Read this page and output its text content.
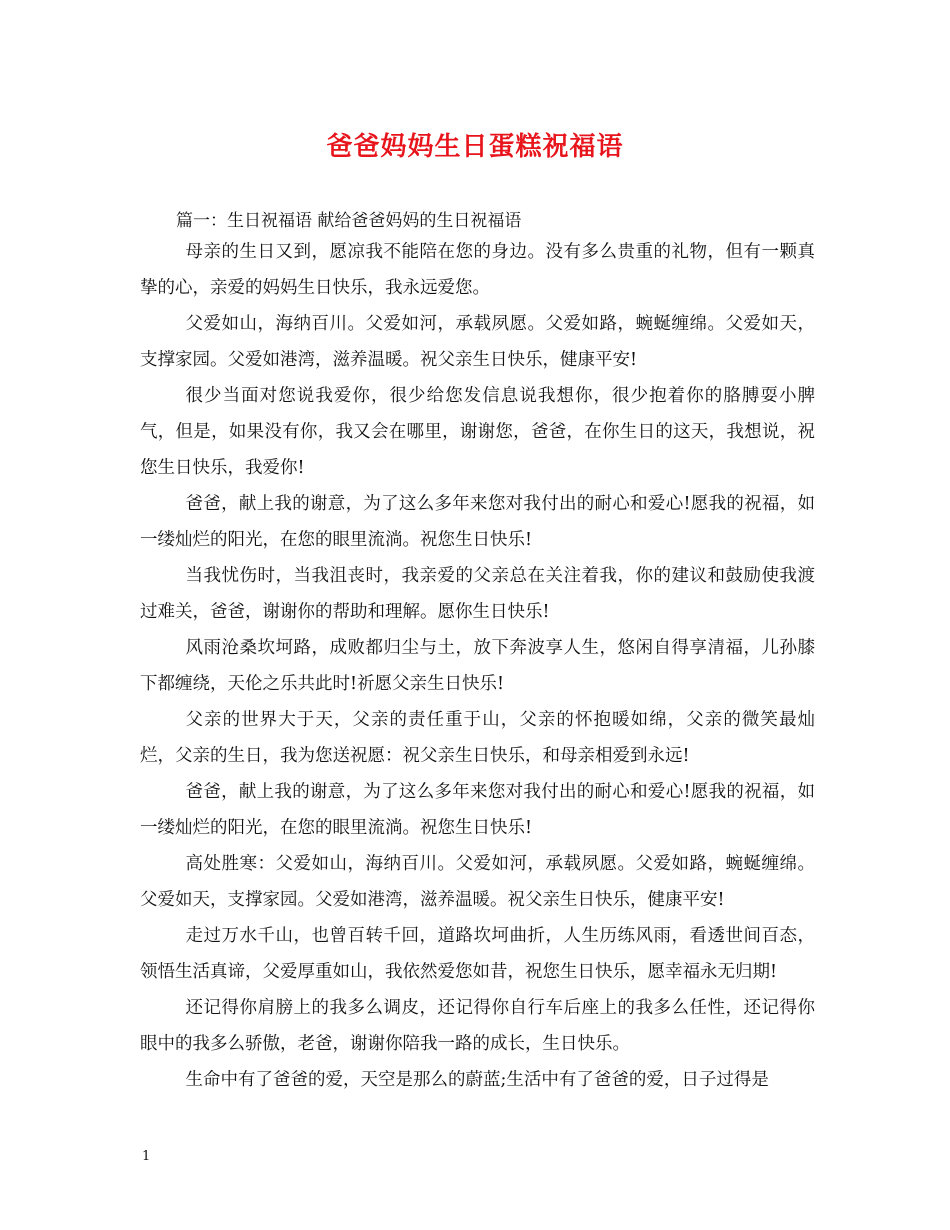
爸爸妈妈生日蛋糕祝福语
篇一：生日祝福语 献给爸爸妈妈的生日祝福语

母亲的生日又到，愿凉我不能陪在您的身边。没有多么贵重的礼物，但有一颗真挚的心，亲爱的妈妈生日快乐，我永远爱您。

父爱如山，海纳百川。父爱如河，承载夙愿。父爱如路，蜿蜒缠绵。父爱如天，支撑家园。父爱如港湾，滋养温暖。祝父亲生日快乐，健康平安!

很少当面对您说我爱你，很少给您发信息说我想你，很少抱着你的胳膊耍小脾气，但是，如果没有你，我又会在哪里，谢谢您，爸爸，在你生日的这天，我想说，祝您生日快乐，我爱你!

爸爸，献上我的谢意，为了这么多年来您对我付出的耐心和爱心!愿我的祝福，如一缕灿烂的阳光，在您的眼里流淌。祝您生日快乐!

当我忧伤时，当我沮丧时，我亲爱的父亲总在关注着我，你的建议和鼓励使我渡过难关，爸爸，谢谢你的帮助和理解。愿你生日快乐!

风雨沧桑坎坷路，成败都归尘与土，放下奔波享人生，悠闲自得享清福，儿孙膝下都缠绕，天伦之乐共此时!祈愿父亲生日快乐!

父亲的世界大于天，父亲的责任重于山，父亲的怀抱暖如绵，父亲的微笑最灿烂，父亲的生日，我为您送祝愿：祝父亲生日快乐，和母亲相爱到永远!

爸爸，献上我的谢意，为了这么多年来您对我付出的耐心和爱心!愿我的祝福，如一缕灿烂的阳光，在您的眼里流淌。祝您生日快乐!

高处胜寒：父爱如山，海纳百川。父爱如河，承载夙愿。父爱如路，蜿蜒缠绵。父爱如天，支撑家园。父爱如港湾，滋养温暖。祝父亲生日快乐，健康平安!

走过万水千山，也曾百转千回，道路坎坷曲折，人生历练风雨，看透世间百态，领悟生活真谛，父爱厚重如山，我依然爱您如昔，祝您生日快乐，愿幸福永无归期!

还记得你肩膀上的我多么调皮，还记得你自行车后座上的我多么任性，还记得你眼中的我多么骄傲，老爸，谢谢你陪我一路的成长，生日快乐。

生命中有了爸爸的爱，天空是那么的蔚蓝;生活中有了爸爸的爱，日子过得是

1
